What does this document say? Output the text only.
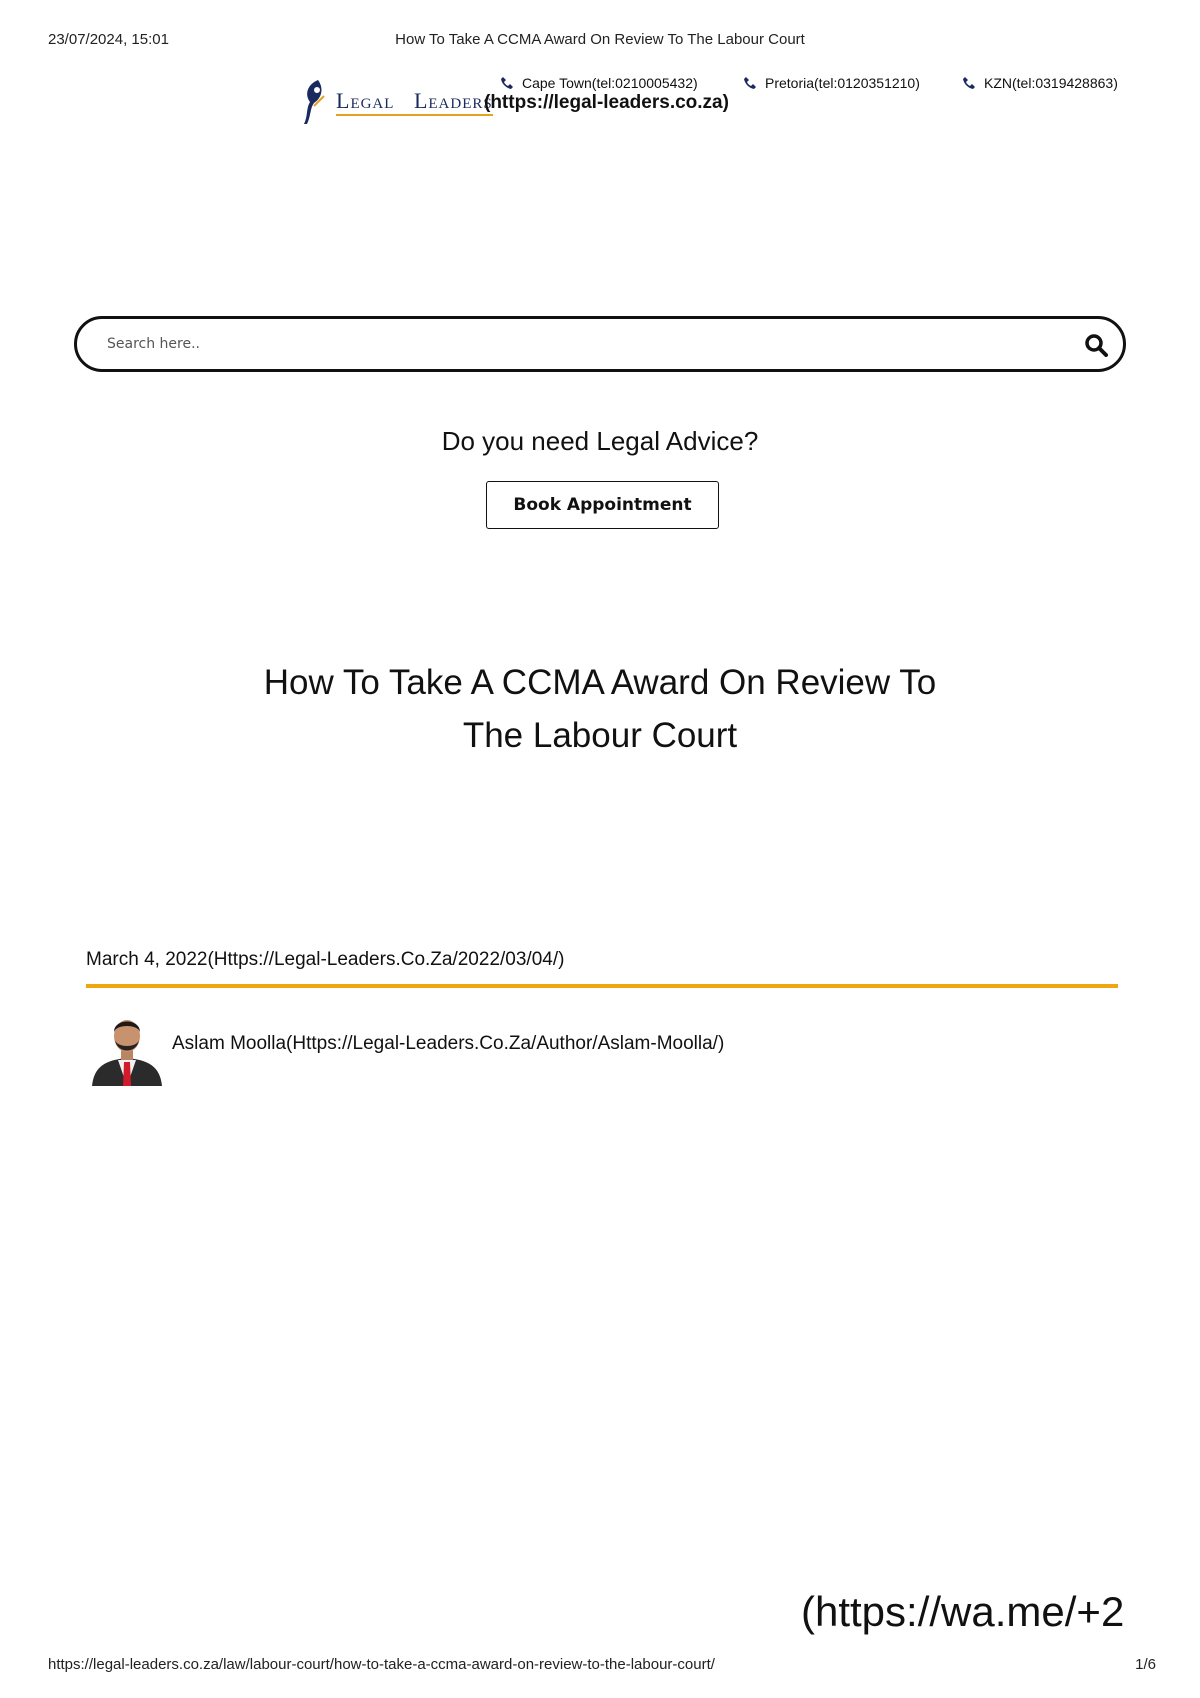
23/07/2024, 15:01	How To Take A CCMA Award On Review To The Labour Court
Legal Leaders
(https://legal-leaders.co.za)
Cape Town(tel:0210005432)	Pretoria(tel:0120351210)	KZN(tel:0319428863)
Search here..
Do you need Legal Advice?
Book Appointment
How To Take A CCMA Award On Review To
The Labour Court
March 4, 2022(Https://Legal-Leaders.Co.Za/2022/03/04/)
Aslam Moolla(Https://Legal-Leaders.Co.Za/Author/Aslam-Moolla/)
(https://wa.me/+2
https://legal-leaders.co.za/law/labour-court/how-to-take-a-ccma-award-on-review-to-the-labour-court/	1/6
